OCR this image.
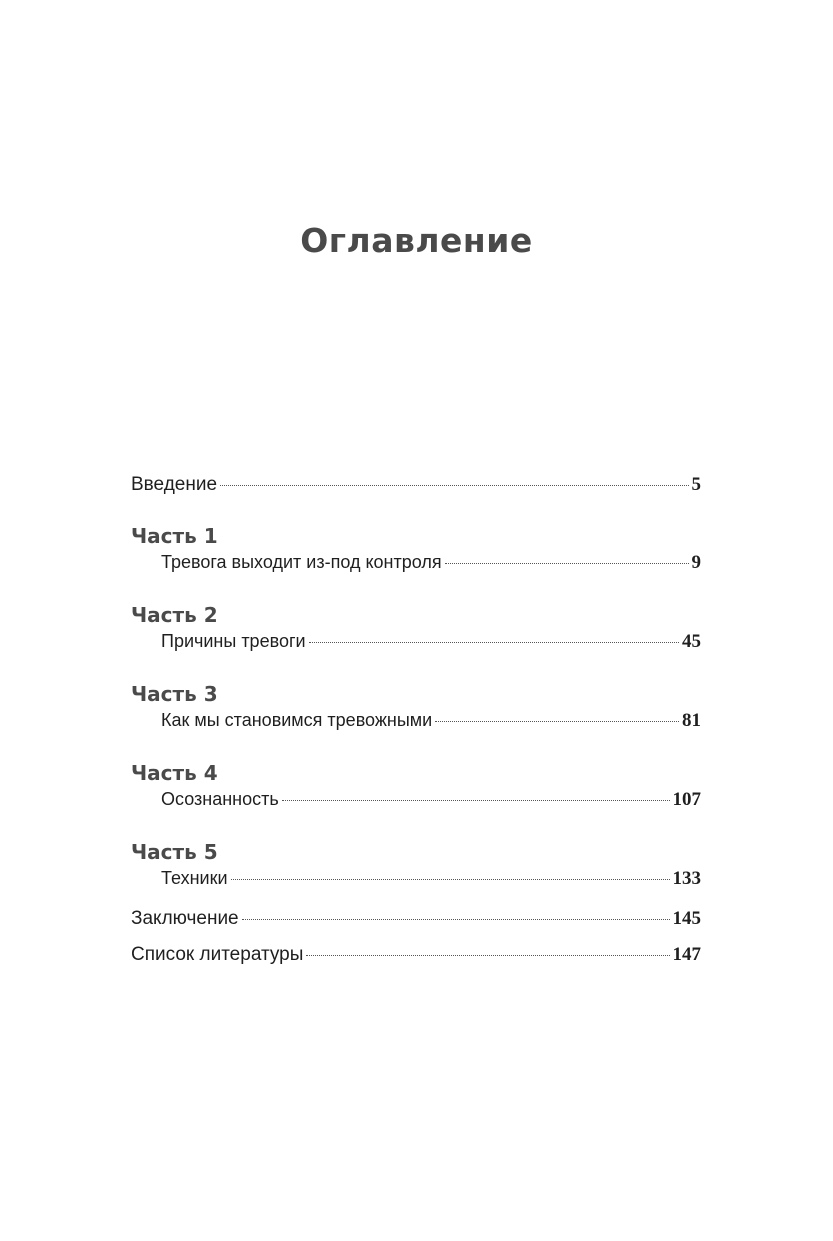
Оглавление
Введение	5
Часть 1
Тревога выходит из-под контроля	9
Часть 2
Причины тревоги	45
Часть 3
Как мы становимся тревожными	81
Часть 4
Осознанность	107
Часть 5
Техники	133
Заключение	145
Список литературы	147
